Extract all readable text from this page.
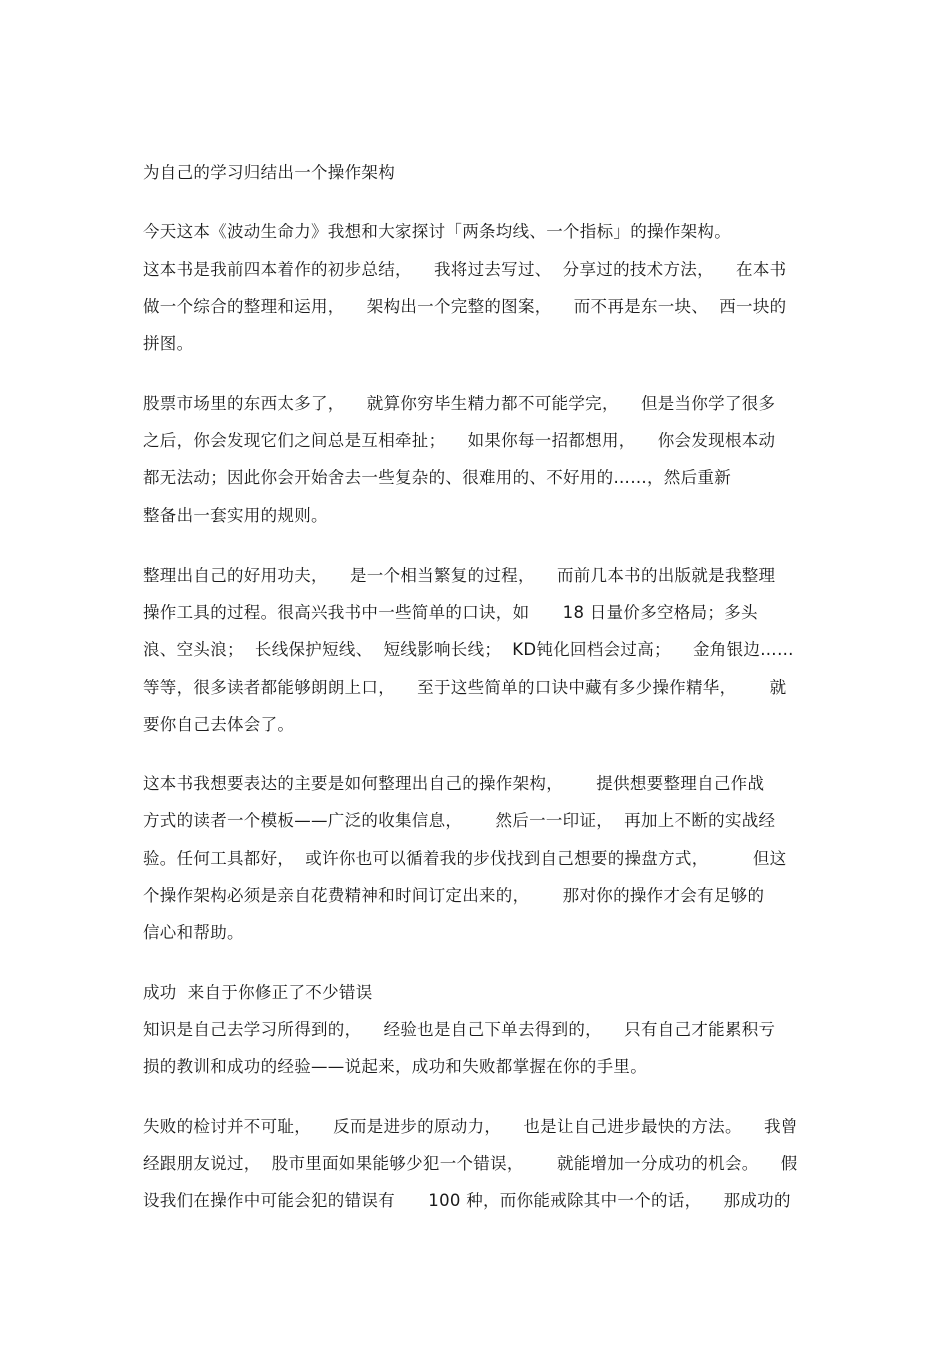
为自己的学习归结出一个操作架构
今天这本《波动生命力》我想和大家探讨「两条均线、一个指标」的操作架构。
这本书是我前四本着作的初步总结，    我将过去写过、  分享过的技术方法，    在本书
做一个综合的整理和运用，    架构出一个完整的图案，    而不再是东一块、  西一块的
拼图。
股票市场里的东西太多了，    就算你穷毕生精力都不可能学完，    但是当你学了很多
之后，你会发现它们之间总是互相牵扯；    如果你每一招都想用，    你会发现根本动
都无法动；因此你会开始舍去一些复杂的、很难用的、不好用的……，然后重新
整备出一套实用的规则。
整理出自己的好用功夫，    是一个相当繁复的过程，    而前几本书的出版就是我整理
操作工具的过程。很高兴我书中一些简单的口诀，如      18 日量价多空格局；多头
浪、空头浪；  长线保护短线、  短线影响长线；  KD钝化回档会过高；    金角银边……
等等，很多读者都能够朗朗上口，    至于这些简单的口诀中藏有多少操作精华，      就
要你自己去体会了。
这本书我想要表达的主要是如何整理出自己的操作架构，      提供想要整理自己作战
方式的读者一个模板——广泛的收集信息，      然后一一印证，  再加上不断的实战经
验。任何工具都好，  或许你也可以循着我的步伐找到自己想要的操盘方式，        但这
个操作架构必须是亲自花费精神和时间订定出来的，      那对你的操作才会有足够的
信心和帮助。
成功  来自于你修正了不少错误
知识是自己去学习所得到的，    经验也是自己下单去得到的，    只有自己才能累积亏
损的教训和成功的经验——说起来，成功和失败都掌握在你的手里。
失败的检讨并不可耻，    反而是进步的原动力，    也是让自己进步最快的方法。    我曾
经跟朋友说过，  股市里面如果能够少犯一个错误，      就能增加一分成功的机会。    假
设我们在操作中可能会犯的错误有      100 种，而你能戒除其中一个的话，    那成功的
